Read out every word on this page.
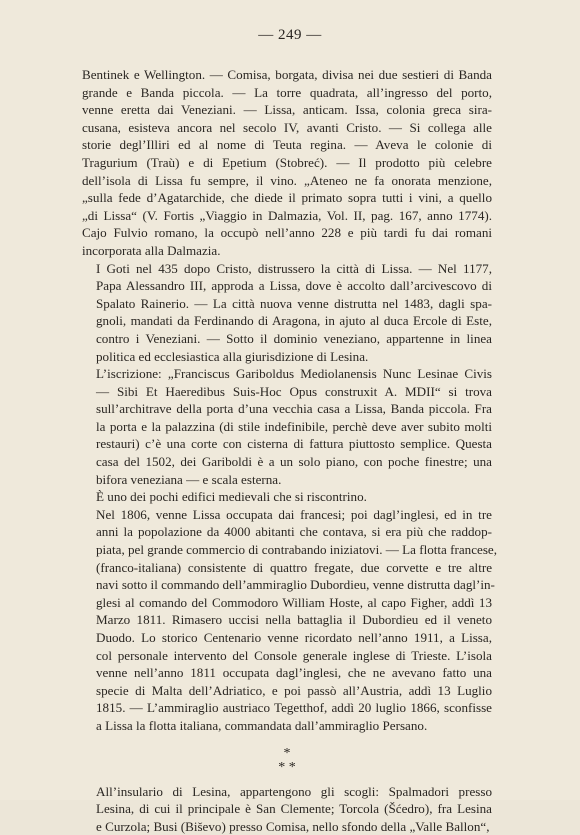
— 249 —

Bentinek e Wellington. — Comisa, borgata, divisa nei due sestieri di Banda
grande e Banda piccola. — La torre quadrata, all’ingresso del porto,
venne eretta dai Veneziani. — Lissa, anticam. Issa, colonia greca sira-
cusana, esisteva ancora nel secolo IV, avanti Cristo. — Si collega alle
storie degl’Illiri ed al nome di Teuta regina. — Aveva le colonie di
Tragurium (Traù) e di Epetium (Stobreć). — Il prodotto più celebre
dell’isola di Lissa fu sempre, il vino. „Ateneo ne fa onorata menzione,
„sulla fede d’Agatarchide, che diede il primato sopra tutti i vini, a quello
„di Lissa“ (V. Fortis „Viaggio in Dalmazia, Vol. II, pag. 167, anno 1774).
Cajo Fulvio romano, la occupò nell’anno 228 e più tardi fu dai romani
incorporata alla Dalmazia.

I Goti nel 435 dopo Cristo, distrussero la città di Lissa. — Nel 1177,
Papa Alessandro III, approda a Lissa, dove è accolto dall’arcivescovo di
Spalato Rainerio. — La città nuova venne distrutta nel 1483, dagli spa-
gnoli, mandati da Ferdinando di Aragona, in ajuto al duca Ercole di Este,
contro i Veneziani. — Sotto il dominio veneziano, appartenne in linea
politica ed ecclesiastica alla giurisdizione di Lesina.

L’iscrizione: „Franciscus Gariboldus Mediolanensis Nunc Lesinae Civis
— Sibi Et Haeredibus Suis-Hoc Opus construxit A. MDII“ si trova
sull’architrave della porta d’una vecchia casa a Lissa, Banda piccola. Fra
la porta e la palazzina (di stile indefinibile, perchè deve aver subito molti
restauri) c’è una corte con cisterna di fattura piuttosto semplice. Questa
casa del 1502, dei Gariboldi è a un solo piano, con poche finestre; una
bifora veneziana — e scala esterna.

È uno dei pochi edifici medievali che si riscontrino.

Nel 1806, venne Lissa occupata dai francesi; poi dagl’inglesi, ed in tre
anni la popolazione da 4000 abitanti che contava, si era più che raddop-
piata, pel grande commercio di contrabando iniziatovi. — La flotta francese,
(franco-italiana) consistente di quattro fregate, due corvette e tre altre
navi sotto il commando dell’ammiraglio Dubordieu, venne distrutta dagl’in-
glesi al comando del Commodoro William Hoste, al capo Figher, addì 13
Marzo 1811. Rimasero uccisi nella battaglia il Dubordieu ed il veneto
Duodo. Lo storico Centenario venne ricordato nell’anno 1911, a Lissa,
col personale intervento del Console generale inglese di Trieste. L’isola
venne nell’anno 1811 occupata dagl’inglesi, che ne avevano fatto una
specie di Malta dell’Adriatico, e poi passò all’Austria, addì 13 Luglio
1815. — L’ammiraglio austriaco Tegetthof, addì 20 luglio 1866, sconfisse
a Lissa la flotta italiana, commandata dall’ammiraglio Persano.

*
* *

All’insulario di Lesina, appartengono gli scogli: Spalmadori presso
Lesina, di cui il principale è San Clemente; Torcola (Šćedro), fra Lesina
e Curzola; Busi (Biševo) presso Comisa, nello sfondo della „Valle Ballon“,
